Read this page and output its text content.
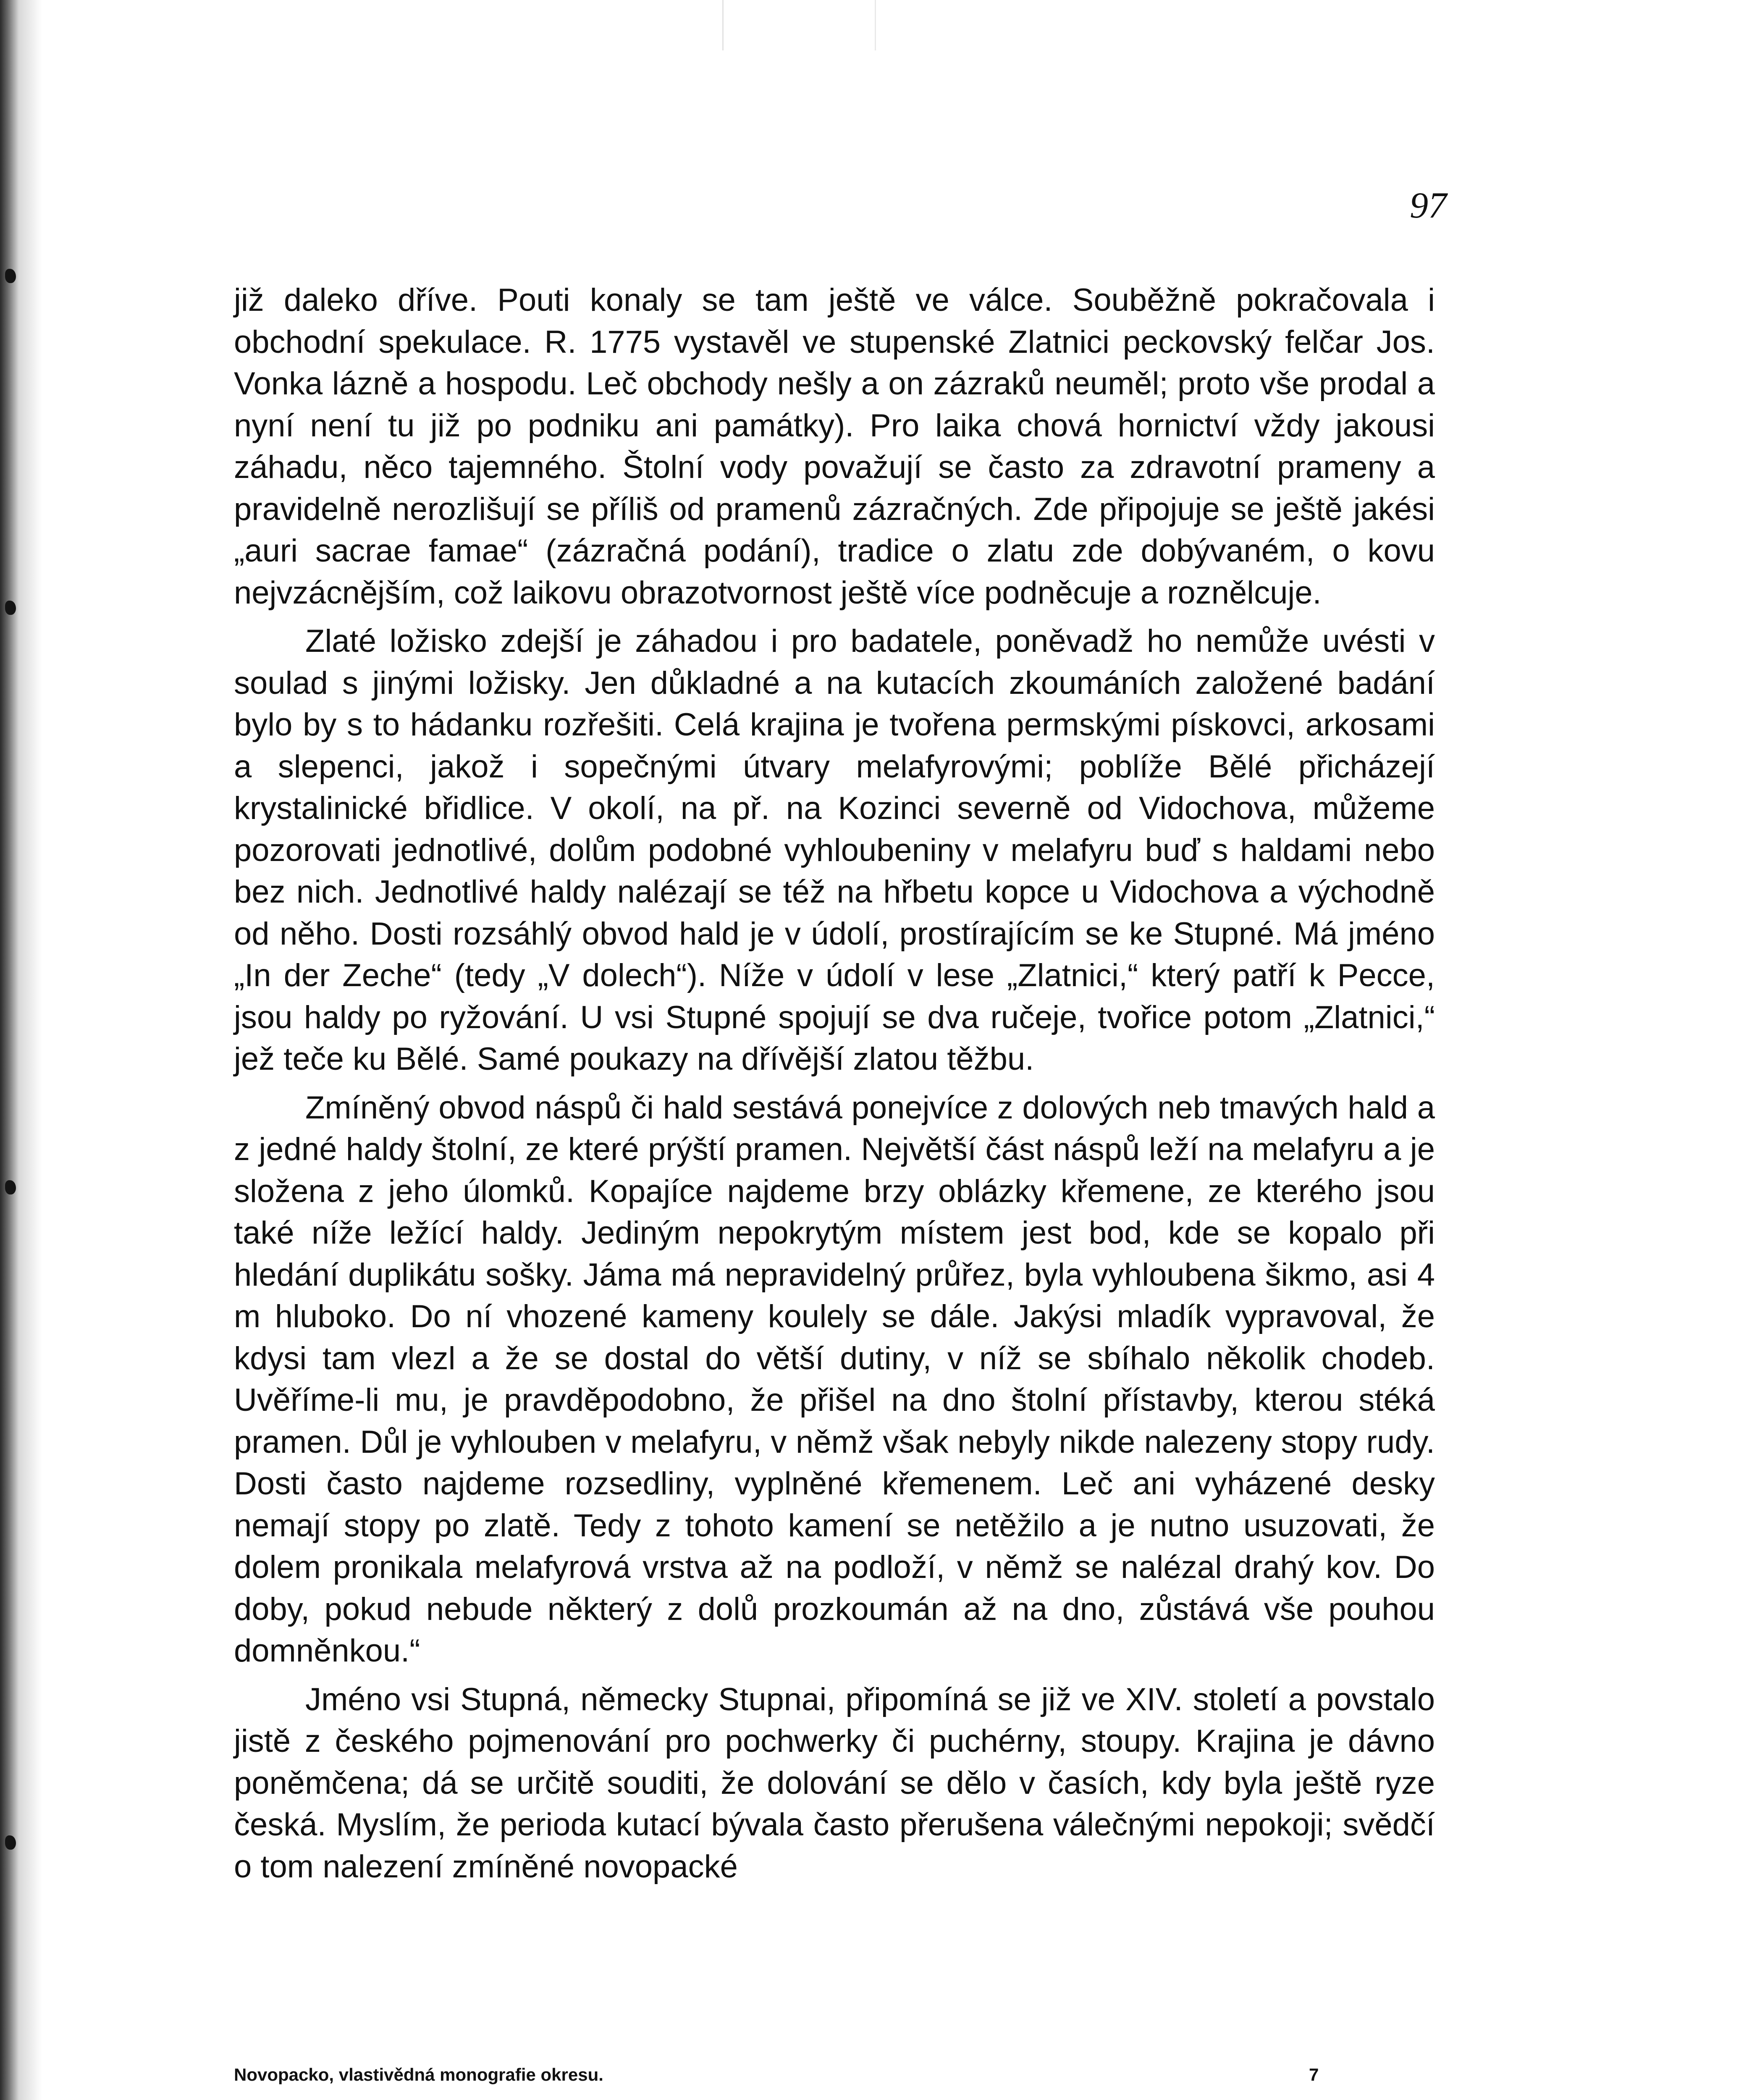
97

již daleko dříve. Pouti konaly se tam ještě ve válce. Souběžně pokračovala i obchodní spekulace. R. 1775 vystavěl ve stupenské Zlatnici peckovský felčar Jos. Vonka lázně a hospodu. Leč obchody nešly a on zázraků neuměl; proto vše prodal a nyní není tu již po podniku ani památky). Pro laika chová hornictví vždy jakousi záhadu, něco tajemného. Štolní vody považují se často za zdravotní prameny a pravidelně nerozlišují se příliš od pramenů zázračných. Zde připojuje se ještě jakési „auri sacrae famae“ (zázračná podání), tradice o zlatu zde dobývaném, o kovu nejvzácnějším, což laikovu obrazotvornost ještě více podněcuje a roznělcuje.

Zlaté ložisko zdejší je záhadou i pro badatele, poněvadž ho nemůže uvésti v soulad s jinými ložisky. Jen důkladné a na kutacích zkoumáních založené badání bylo by s to hádanku rozřešiti. Celá krajina je tvořena permskými pískovci, arkosami a slepenci, jakož i sopečnými útvary melafyrovými; poblíže Bělé přicházejí krystalinické břidlice. V okolí, na př. na Kozinci severně od Vidochova, můžeme pozorovati jednotlivé, dolům podobné vyhloubeniny v melafyru buď s haldami nebo bez nich. Jednotlivé haldy nalézají se též na hřbetu kopce u Vidochova a východně od něho. Dosti rozsáhlý obvod hald je v údolí, prostírajícím se ke Stupné. Má jméno „In der Zeche“ (tedy „V dolech“). Níže v údolí v lese „Zlatnici,“ který patří k Pecce, jsou haldy po ryžování. U vsi Stupné spojují se dva ručeje, tvořice potom „Zlatnici,“ jež teče ku Bělé. Samé poukazy na dřívější zlatou těžbu.

Zmíněný obvod náspů či hald sestává ponejvíce z dolových neb tmavých hald a z jedné haldy štolní, ze které prýští pramen. Největší část náspů leží na melafyru a je složena z jeho úlomků. Kopajíce najdeme brzy oblázky křemene, ze kterého jsou také níže ležící haldy. Jediným nepokrytým místem jest bod, kde se kopalo při hledání duplikátu sošky. Jáma má nepravidelný průřez, byla vyhloubena šikmo, asi 4 m hluboko. Do ní vhozené kameny koulely se dále. Jakýsi mladík vypravoval, že kdysi tam vlezl a že se dostal do větší dutiny, v níž se sbíhalo několik chodeb. Uvěříme-li mu, je pravděpodobno, že přišel na dno štolní přístavby, kterou stéká pramen. Důl je vyhlouben v melafyru, v němž však nebyly nikde nalezeny stopy rudy. Dosti často najdeme rozsedliny, vyplněné křemenem. Leč ani vyházené desky nemají stopy po zlatě. Tedy z tohoto kamení se netěžilo a je nutno usuzovati, že dolem pronikala melafyrová vrstva až na podloží, v němž se nalézal drahý kov. Do doby, pokud nebude některý z dolů prozkoumán až na dno, zůstává vše pouhou domněnkou.“

Jméno vsi Stupná, německy Stupnai, připomíná se již ve XIV. století a povstalo jistě z českého pojmenování pro pochwerky či puchérny, stoupy. Krajina je dávno poněmčena; dá se určitě souditi, že dolování se dělo v časích, kdy byla ještě ryze česká. Myslím, že perioda kutací bývala často přerušena válečnými nepokoji; svědčí o tom nalezení zmíněné novopacké

Novopacko, vlastivědná monografie okresu.	7
